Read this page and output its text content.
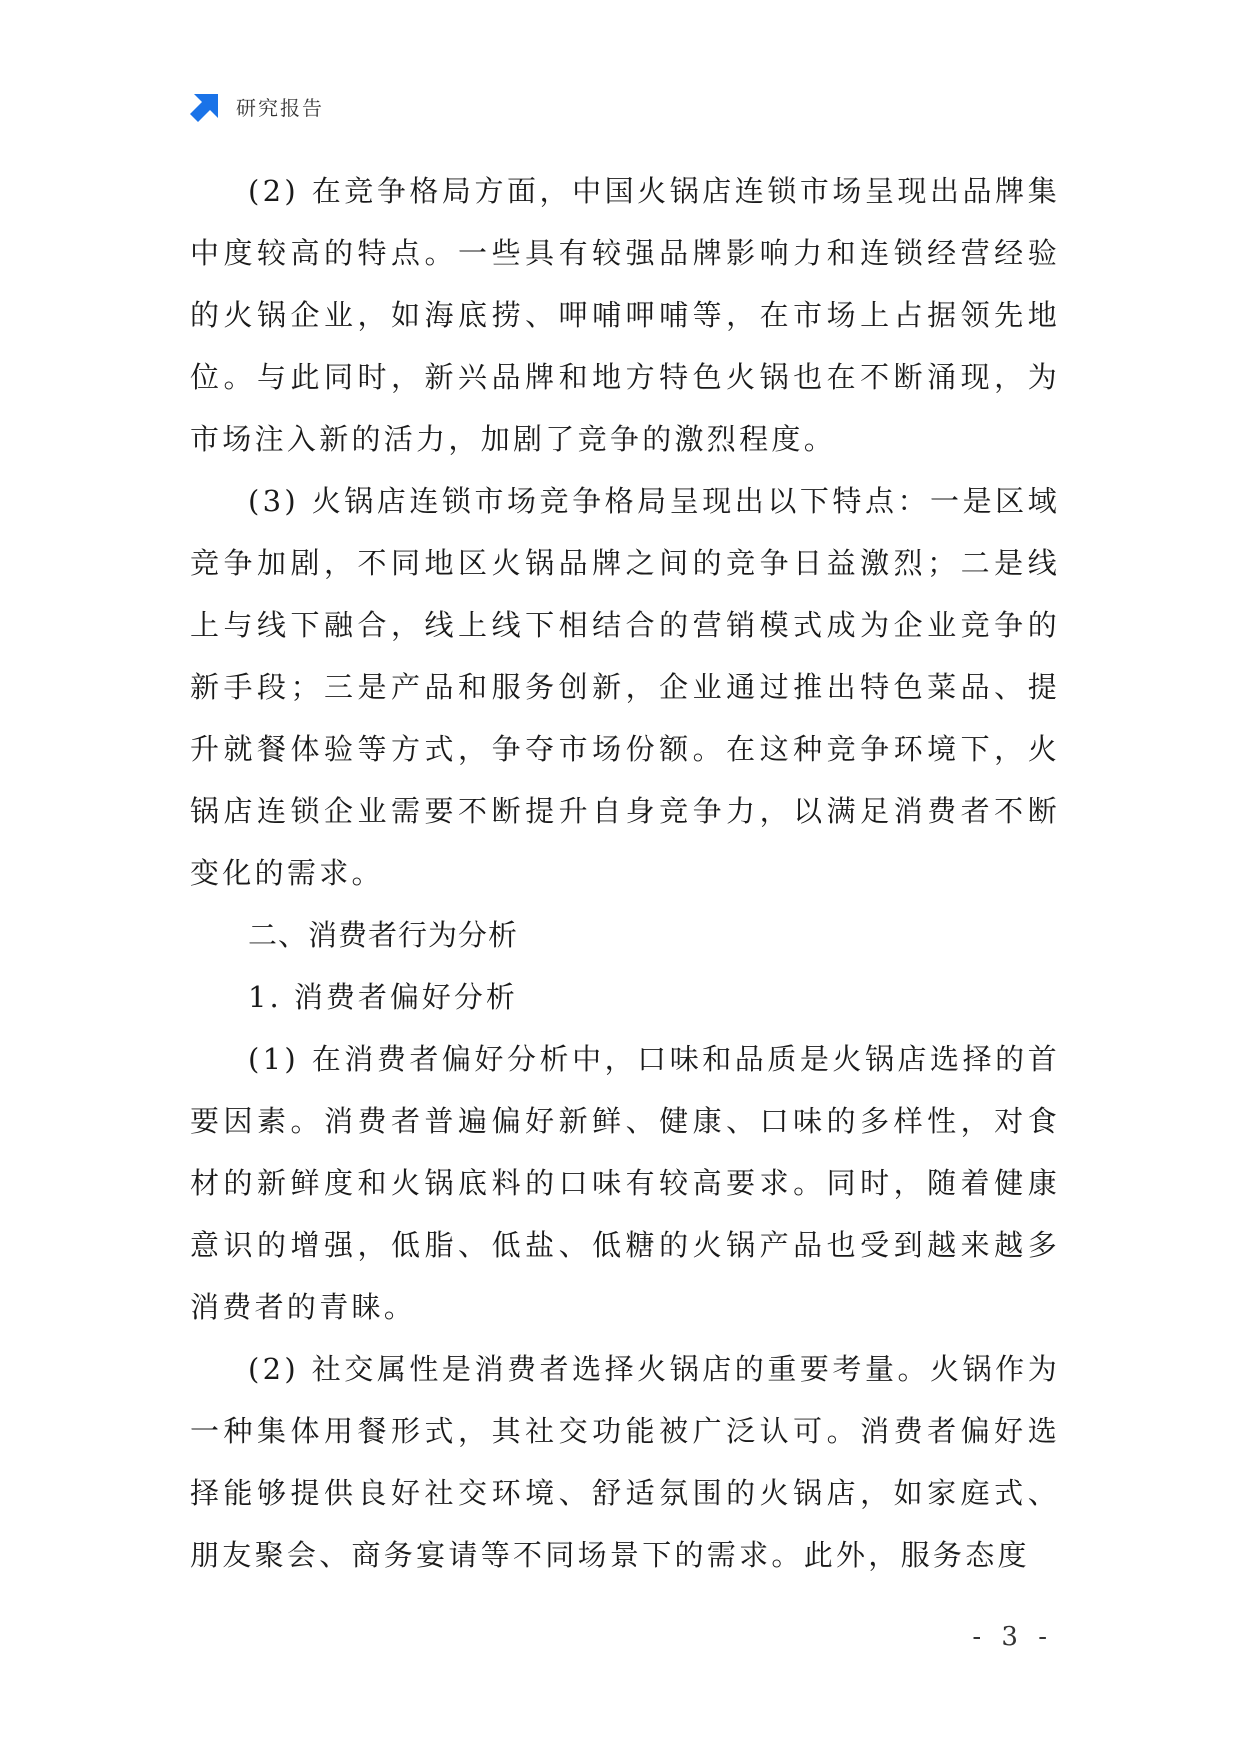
研究报告

(2) 在竞争格局方面，中国火锅店连锁市场呈现出品牌集中度较高的特点。一些具有较强品牌影响力和连锁经营经验的火锅企业，如海底捞、呷哺呷哺等，在市场上占据领先地位。与此同时，新兴品牌和地方特色火锅也在不断涌现，为市场注入新的活力，加剧了竞争的激烈程度。

(3) 火锅店连锁市场竞争格局呈现出以下特点：一是区域竞争加剧，不同地区火锅品牌之间的竞争日益激烈；二是线上与线下融合，线上线下相结合的营销模式成为企业竞争的新手段；三是产品和服务创新，企业通过推出特色菜品、提升就餐体验等方式，争夺市场份额。在这种竞争环境下，火锅店连锁企业需要不断提升自身竞争力，以满足消费者不断变化的需求。

二、消费者行为分析

1. 消费者偏好分析

(1) 在消费者偏好分析中，口味和品质是火锅店选择的首要因素。消费者普遍偏好新鲜、健康、口味的多样性，对食材的新鲜度和火锅底料的口味有较高要求。同时，随着健康意识的增强，低脂、低盐、低糖的火锅产品也受到越来越多消费者的青睐。

(2) 社交属性是消费者选择火锅店的重要考量。火锅作为一种集体用餐形式，其社交功能被广泛认可。消费者偏好选择能够提供良好社交环境、舒适氛围的火锅店，如家庭式、朋友聚会、商务宴请等不同场景下的需求。此外，服务态度

- 3 -
